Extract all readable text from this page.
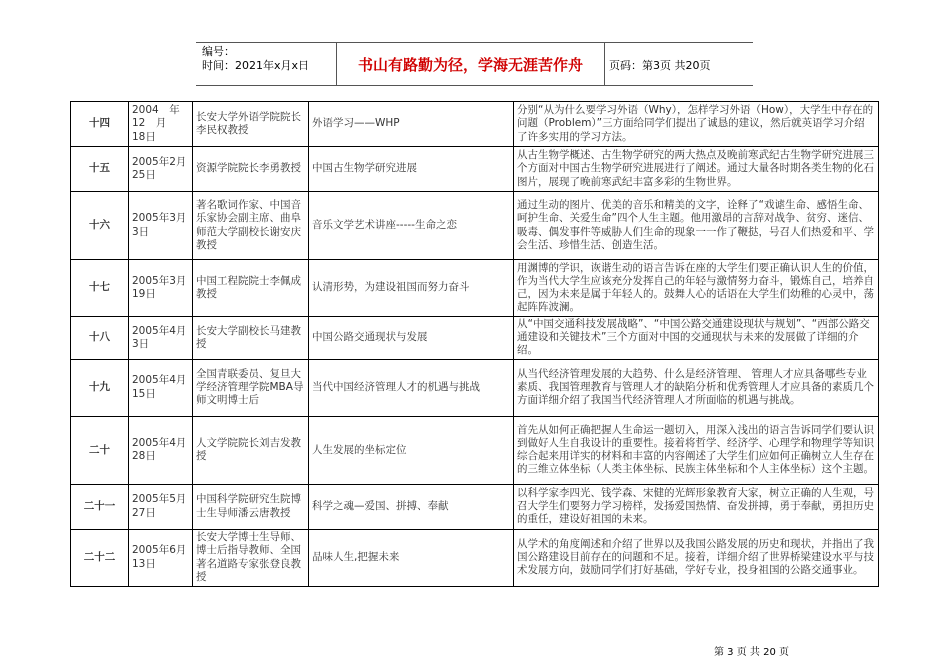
编号：
时间：2021年x月x日	书山有路勤为径，学海无涯苦作舟	页码：第3页 共20页
十四	2004　年12　月　18日	长安大学外语学院院长李民权教授	外语学习——WHP	分别“从为什么要学习外语（Why），怎样学习外语（How），大学生中存在的问题（Problem）”三方面给同学们提出了诚恳的建议，然后就英语学习介绍了许多实用的学习方法。
十五	2005年2月25日	资源学院院长李勇教授	中国古生物学研究进展	从古生物学概述、古生物学研究的两大热点及晚前寒武纪古生物学研究进展三个方面对中国古生物学研究进展进行了阐述。通过大量各时期各类生物的化石图片，展现了晚前寒武纪丰富多彩的生物世界。
十六	2005年3月3日	著名歌词作家、中国音乐家协会副主席、曲阜师范大学副校长谢安庆教授	音乐文学艺术讲座-----生命之恋	通过生动的图片、优美的音乐和精美的文字，诠释了“戏谑生命、感悟生命、呵护生命、关爱生命”四个人生主题。他用激昂的言辞对战争、贫穷、迷信、吸毒、偶发事件等威胁人们生命的现象一一作了鞭挞，号召人们热爱和平、学会生活、珍惜生活、创造生活。
十七	2005年3月19日	中国工程院院士李佩成教授	认清形势，为建设祖国而努力奋斗	用渊博的学识，诙谐生动的语言告诉在座的大学生们要正确认识人生的价值，作为当代大学生应该充分发挥自己的年轻与激情努力奋斗，锻炼自己，培养自己，因为未来是属于年轻人的。鼓舞人心的话语在大学生们幼稚的心灵中，荡起阵阵波澜。
十八	2005年4月3日	长安大学副校长马建教授	中国公路交通现状与发展	从“中国交通科技发展战略”、“中国公路交通建设现状与规划”、“西部公路交通建设和关键技术”三个方面对中国的交通现状与未来的发展做了详细的介绍。
十九	2005年4月15日	全国青联委员、复旦大学经济管理学院MBA导师文明博士后	当代中国经济管理人才的机遇与挑战	从当代经济管理发展的大趋势、什么是经济管理、 管理人才应具备哪些专业素质、我国管理教育与管理人才的缺陷分析和优秀管理人才应具备的素质几个方面详细介绍了我国当代经济管理人才所面临的机遇与挑战。
二十	2005年4月28日	人文学院院长刘吉发教授	人生发展的坐标定位	首先从如何正确把握人生命运一题切入，用深入浅出的语言告诉同学们要认识到做好人生自我设计的重要性。接着将哲学、经济学、心理学和物理学等知识综合起来用详实的材料和丰富的内容阐述了大学生们应如何正确树立人生存在的三维立体坐标（人类主体坐标、民族主体坐标和个人主体坐标）这个主题。
二十一	2005年5月27日	中国科学院研究生院博士生导师潘云唐教授	科学之魂—爱国、拼搏、奉献	以科学家李四光、钱学森、宋健的光辉形象教育大家，树立正确的人生观，号召大学生们要努力学习榜样，发扬爱国热情、奋发拼搏，勇于奉献，勇担历史的重任，建设好祖国的未来。
二十二	2005年6月13日	长安大学博士生导师、博士后指导教师、全国著名道路专家张登良教授	品味人生,把握未来	从学术的角度阐述和介绍了世界以及我国公路发展的历史和现状，并指出了我国公路建设目前存在的问题和不足。接着，详细介绍了世界桥梁建设水平与技术发展方向，鼓励同学们打好基础，学好专业，投身祖国的公路交通事业。
第 3 页 共 20 页
